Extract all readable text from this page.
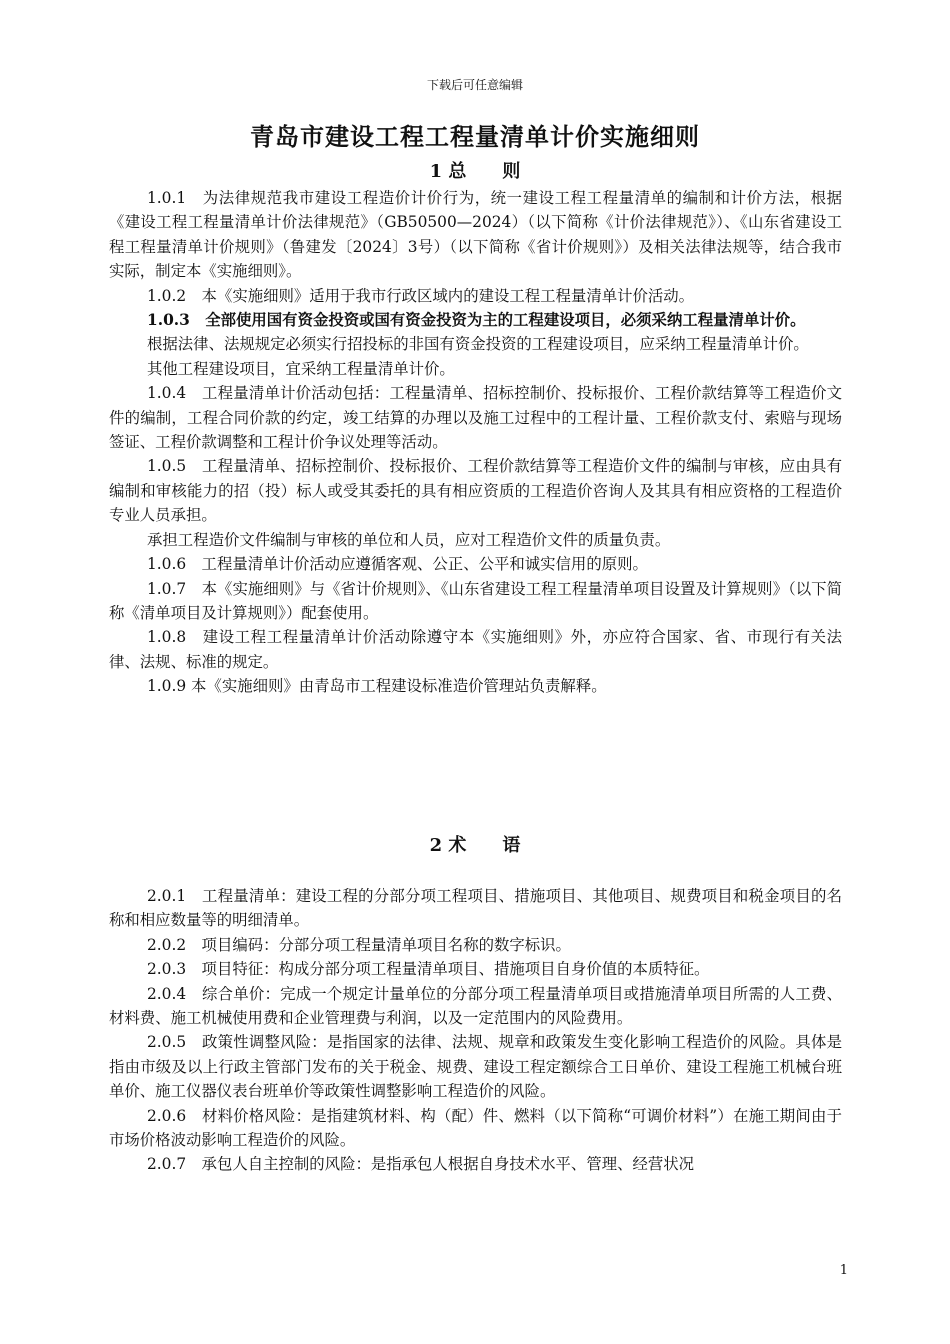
下载后可任意编辑
青岛市建设工程工程量清单计价实施细则
1 总　　则

1.0.1　为法律规范我市建设工程造价计价行为，统一建设工程工程量清单的编制和计价方法，根据《建设工程工程量清单计价法律规范》（GB50500—2024）（以下简称《计价法律规范》）、《山东省建设工程工程量清单计价规则》（鲁建发〔2024〕3号）（以下简称《省计价规则》）及相关法律法规等，结合我市实际，制定本《实施细则》。

1.0.2　本《实施细则》适用于我市行政区域内的建设工程工程量清单计价活动。

1.0.3　全部使用国有资金投资或国有资金投资为主的工程建设项目，必须采纳工程量清单计价。

根据法律、法规规定必须实行招投标的非国有资金投资的工程建设项目，应采纳工程量清单计价。

其他工程建设项目，宜采纳工程量清单计价。

1.0.4　工程量清单计价活动包括：工程量清单、招标控制价、投标报价、工程价款结算等工程造价文件的编制，工程合同价款的约定，竣工结算的办理以及施工过程中的工程计量、工程价款支付、索赔与现场签证、工程价款调整和工程计价争议处理等活动。

1.0.5　工程量清单、招标控制价、投标报价、工程价款结算等工程造价文件的编制与审核，应由具有编制和审核能力的招（投）标人或受其委托的具有相应资质的工程造价咨询人及其具有相应资格的工程造价专业人员承担。

承担工程造价文件编制与审核的单位和人员，应对工程造价文件的质量负责。

1.0.6　工程量清单计价活动应遵循客观、公正、公平和诚实信用的原则。

1.0.7　本《实施细则》与《省计价规则》、《山东省建设工程工程量清单项目设置及计算规则》（以下简称《清单项目及计算规则》）配套使用。

1.0.8　建设工程工程量清单计价活动除遵守本《实施细则》外，亦应符合国家、省、市现行有关法律、法规、标准的规定。

1.0.9 本《实施细则》由青岛市工程建设标准造价管理站负责解释。

2 术　　语

2.0.1　工程量清单：建设工程的分部分项工程项目、措施项目、其他项目、规费项目和税金项目的名称和相应数量等的明细清单。

2.0.2　项目编码：分部分项工程量清单项目名称的数字标识。

2.0.3　项目特征：构成分部分项工程量清单项目、措施项目自身价值的本质特征。

2.0.4　综合单价：完成一个规定计量单位的分部分项工程量清单项目或措施清单项目所需的人工费、材料费、施工机械使用费和企业管理费与利润，以及一定范围内的风险费用。

2.0.5　政策性调整风险：是指国家的法律、法规、规章和政策发生变化影响工程造价的风险。具体是指由市级及以上行政主管部门发布的关于税金、规费、建设工程定额综合工日单价、建设工程施工机械台班单价、施工仪器仪表台班单价等政策性调整影响工程造价的风险。

2.0.6　材料价格风险：是指建筑材料、构（配）件、燃料（以下简称“可调价材料”）在施工期间由于市场价格波动影响工程造价的风险。

2.0.7　承包人自主控制的风险：是指承包人根据自身技术水平、管理、经营状况

1
